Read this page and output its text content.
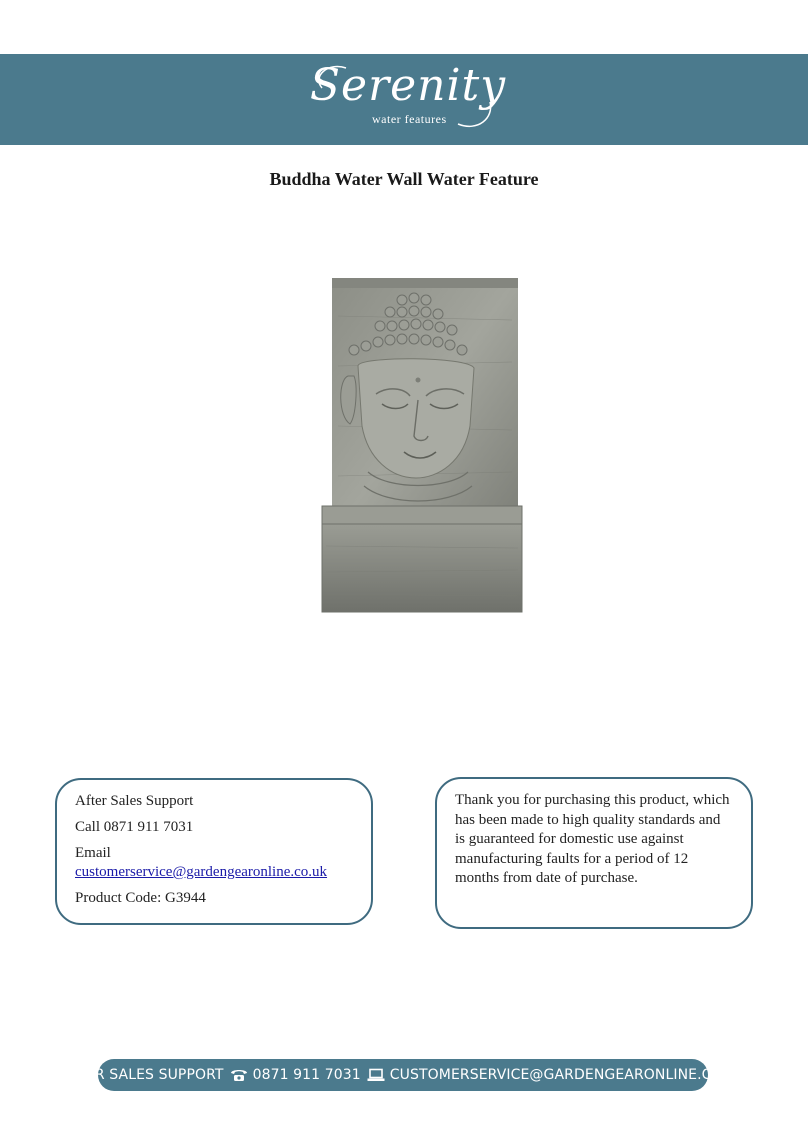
Serenity
water features
Buddha Water Wall Water Feature
After Sales Support
Call 0871 911 7031
Email
customerservice@gardengearonline.co.uk
Product Code: G3944

Thank you for purchasing this product, which has been made to high quality standards and is guaranteed for domestic use against manufacturing faults for a period of 12 months from date of purchase.

AFTER SALES SUPPORT 0871 911 7031 CUSTOMERSERVICE@GARDENGEARONLINE.CO.UK
